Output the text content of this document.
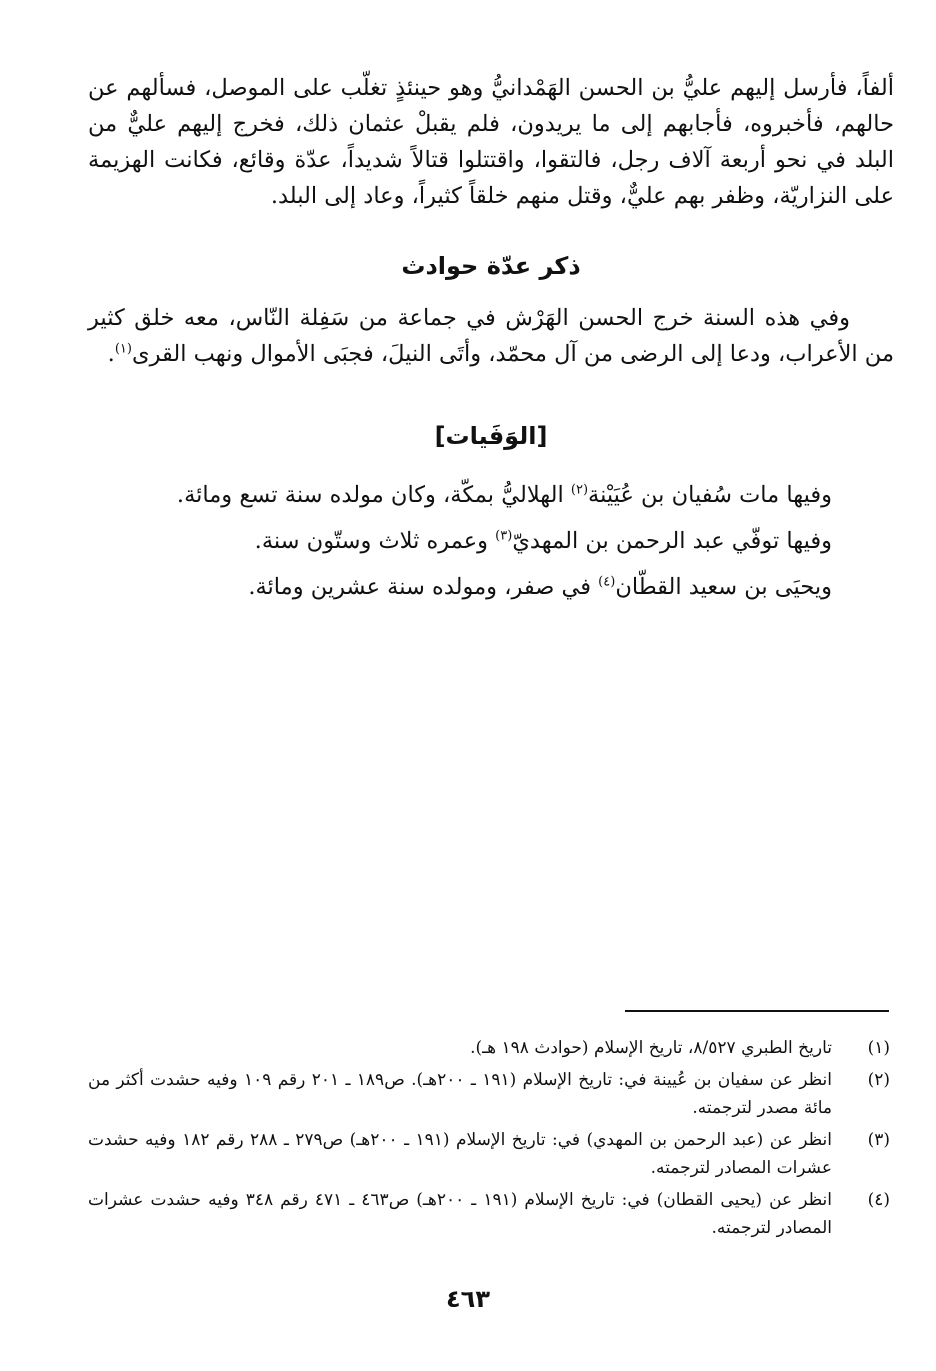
ألفاً، فأرسل إليهم عليُّ بن الحسن الهَمْدانيُّ وهو حينئذٍ تغلّب على الموصل، فسألهم عن حالهم، فأخبروه، فأجابهم إلى ما يريدون، فلم يقبلْ عثمان ذلك، فخرج إليهم عليٌّ من البلد في نحو أربعة آلاف رجل، فالتقوا، واقتتلوا قتالاً شديداً، عدّة وقائع، فكانت الهزيمة على النزاريّة، وظفر بهم عليٌّ، وقتل منهم خلقاً كثيراً، وعاد إلى البلد.

ذكر عدّة حوادث

وفي هذه السنة خرج الحسن الهَرْش في جماعة من سَفِلة النّاس، معه خلق كثير من الأعراب، ودعا إلى الرضى من آل محمّد، وأتَى النيلَ، فجبَى الأموال ونهب القرى$^{(١)}$.

[الوَفَيات]

وفيها مات سُفيان بن عُيَيْنة$^{(٢)}$ الهلاليُّ بمكّة، وكان مولده سنة تسع ومائة.

وفيها توفّي عبد الرحمن بن المهديّ$^{(٣)}$ وعمره ثلاث وستّون سنة.

ويحيَى بن سعيد القطّان$^{(٤)}$ في صفر، ومولده سنة عشرين ومائة.

(١)
تاريخ الطبري ٨/٥٢٧، تاريخ الإسلام (حوادث ١٩٨ هـ).
(٢)
انظر عن سفيان بن عُيينة في: تاريخ الإسلام (١٩١ ـ ٢٠٠هـ). ص١٨٩ ـ ٢٠١ رقم ١٠٩ وفيه حشدت أكثر من مائة مصدر لترجمته.
(٣)
انظر عن (عبد الرحمن بن المهدي) في: تاريخ الإسلام (١٩١ ـ ٢٠٠هـ) ص٢٧٩ ـ ٢٨٨ رقم ١٨٢ وفيه حشدت عشرات المصادر لترجمته.
(٤)
انظر عن (يحيى القطان) في: تاريخ الإسلام (١٩١ ـ ٢٠٠هـ) ص٤٦٣ ـ ٤٧١ رقم ٣٤٨ وفيه حشدت عشرات المصادر لترجمته.
٤٦٣
